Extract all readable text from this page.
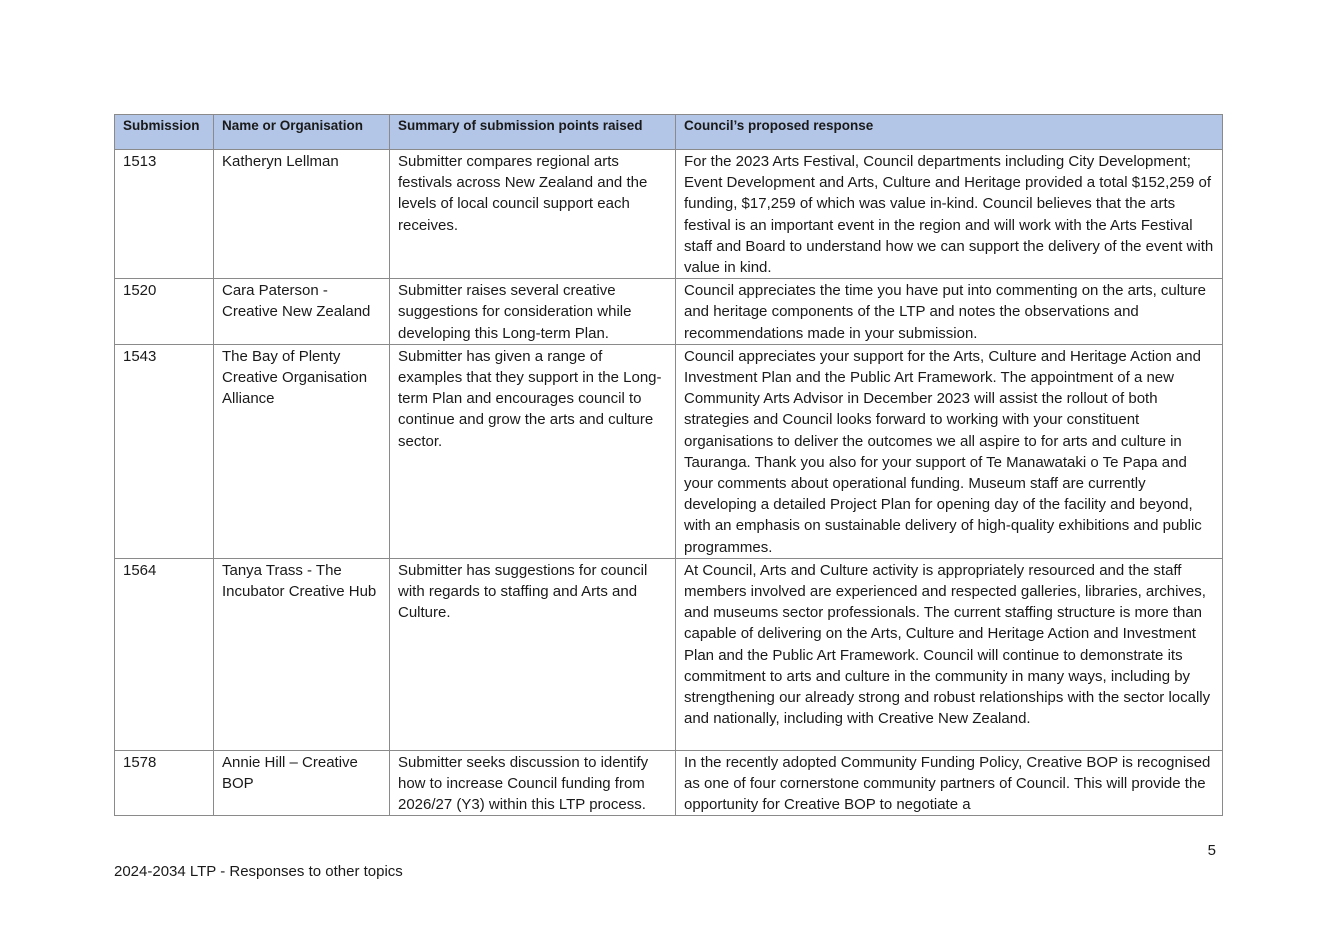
Submission	Name or Organisation	Summary of submission points raised	Council’s proposed response
1513	Katheryn Lellman	Submitter compares regional arts festivals across New Zealand and the levels of local council support each receives.	For the 2023 Arts Festival, Council departments including City Development; Event Development and Arts, Culture and Heritage provided a total $152,259 of funding, $17,259 of which was value in-kind. Council believes that the arts festival is an important event in the region and will work with the Arts Festival staff and Board to understand how we can support the delivery of the event with value in kind.
1520	Cara Paterson - Creative New Zealand	Submitter raises several creative suggestions for consideration while developing this Long-term Plan.	Council appreciates the time you have put into commenting on the arts, culture and heritage components of the LTP and notes the observations and recommendations made in your submission.
1543	The Bay of Plenty Creative Organisation Alliance	Submitter has given a range of examples that they support in the Long-term Plan and encourages council to continue and grow the arts and culture sector.	Council appreciates your support for the Arts, Culture and Heritage Action and Investment Plan and the Public Art Framework. The appointment of a new Community Arts Advisor in December 2023 will assist the rollout of both strategies and Council looks forward to working with your constituent organisations to deliver the outcomes we all aspire to for arts and culture in Tauranga. Thank you also for your support of Te Manawataki o Te Papa and your comments about operational funding. Museum staff are currently developing a detailed Project Plan for opening day of the facility and beyond, with an emphasis on sustainable delivery of high-quality exhibitions and public programmes.
1564	Tanya Trass - The Incubator Creative Hub	Submitter has suggestions for council with regards to staffing and Arts and Culture.	At Council, Arts and Culture activity is appropriately resourced and the staff members involved are experienced and respected galleries, libraries, archives, and museums sector professionals. The current staffing structure is more than capable of delivering on the Arts, Culture and Heritage Action and Investment Plan and the Public Art Framework. Council will continue to demonstrate its commitment to arts and culture in the community in many ways, including by strengthening our already strong and robust relationships with the sector locally and nationally, including with Creative New Zealand.
1578	Annie Hill – Creative BOP	Submitter seeks discussion to identify how to increase Council funding from 2026/27 (Y3) within this LTP process.	In the recently adopted Community Funding Policy, Creative BOP is recognised as one of four cornerstone community partners of Council. This will provide the opportunity for Creative BOP to negotiate a
5
2024-2034 LTP - Responses to other topics
